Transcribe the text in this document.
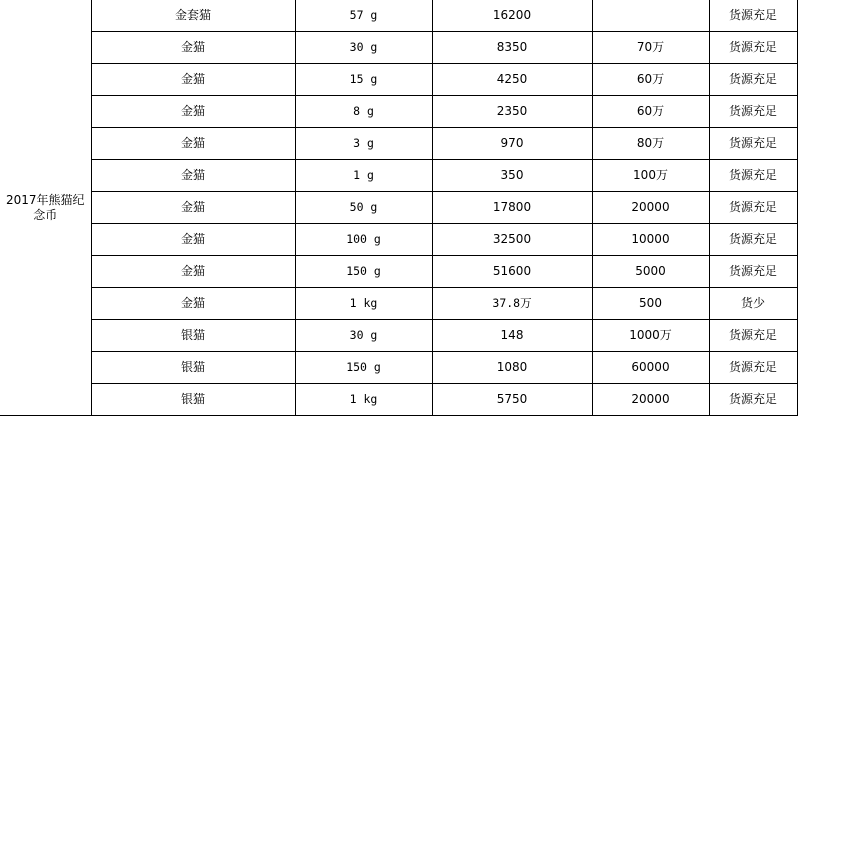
2017年熊猫纪念币	金套猫	57 g	16200		货源充足
	金猫	30 g	8350	70万	货源充足
	金猫	15 g	4250	60万	货源充足
	金猫	8 g	2350	60万	货源充足
	金猫	3 g	970	80万	货源充足
	金猫	1 g	350	100万	货源充足
	金猫	50 g	17800	20000	货源充足
	金猫	100 g	32500	10000	货源充足
	金猫	150 g	51600	5000	货源充足
	金猫	1 kg	37.8万	500	货少
	银猫	30 g	148	1000万	货源充足
	银猫	150 g	1080	60000	货源充足
	银猫	1 kg	5750	20000	货源充足
